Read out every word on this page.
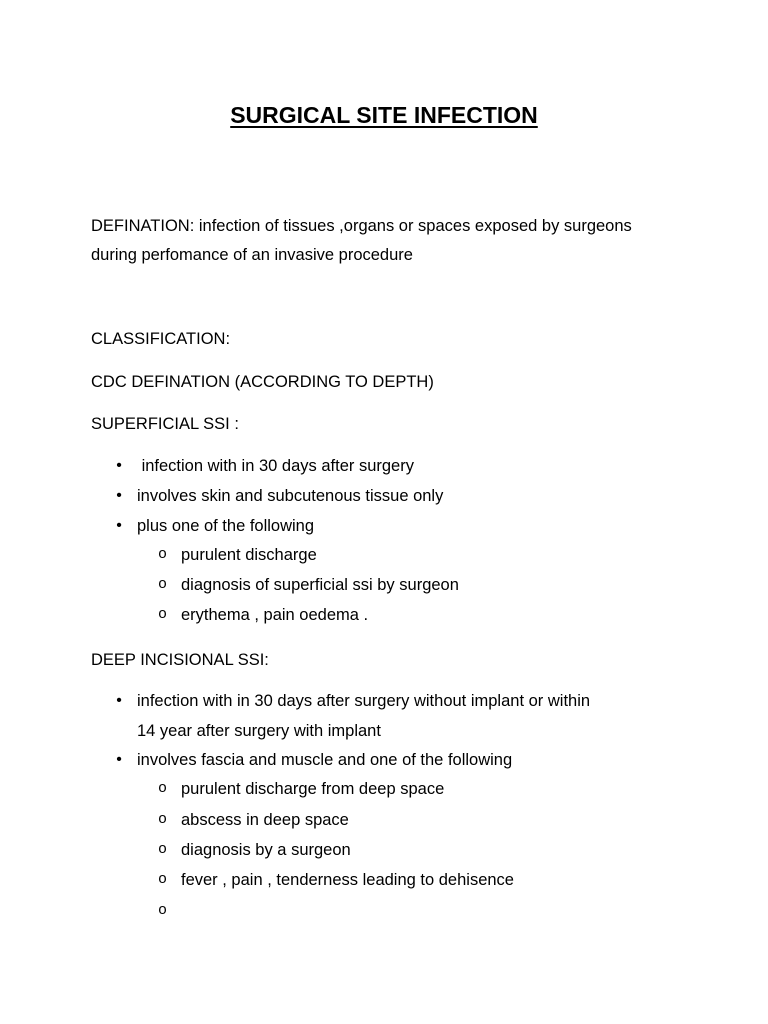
SURGICAL SITE INFECTION
DEFINATION: infection of tissues ,organs or spaces exposed by surgeons
during perfomance of an invasive procedure
CLASSIFICATION:
CDC DEFINATION (ACCORDING TO DEPTH)
SUPERFICIAL SSI :
• infection with in 30 days after surgery
• involves skin and subcutenous tissue only
• plus one of the following
o purulent discharge
o diagnosis of superficial ssi by surgeon
o erythema , pain oedema .
DEEP INCISIONAL SSI:
• infection with in 30 days after surgery without implant or within
14 year after surgery with implant
• involves fascia and muscle and one of the following
o purulent discharge from deep space
o abscess in deep space
o diagnosis by a surgeon
o fever , pain , tenderness leading to dehisence
o
